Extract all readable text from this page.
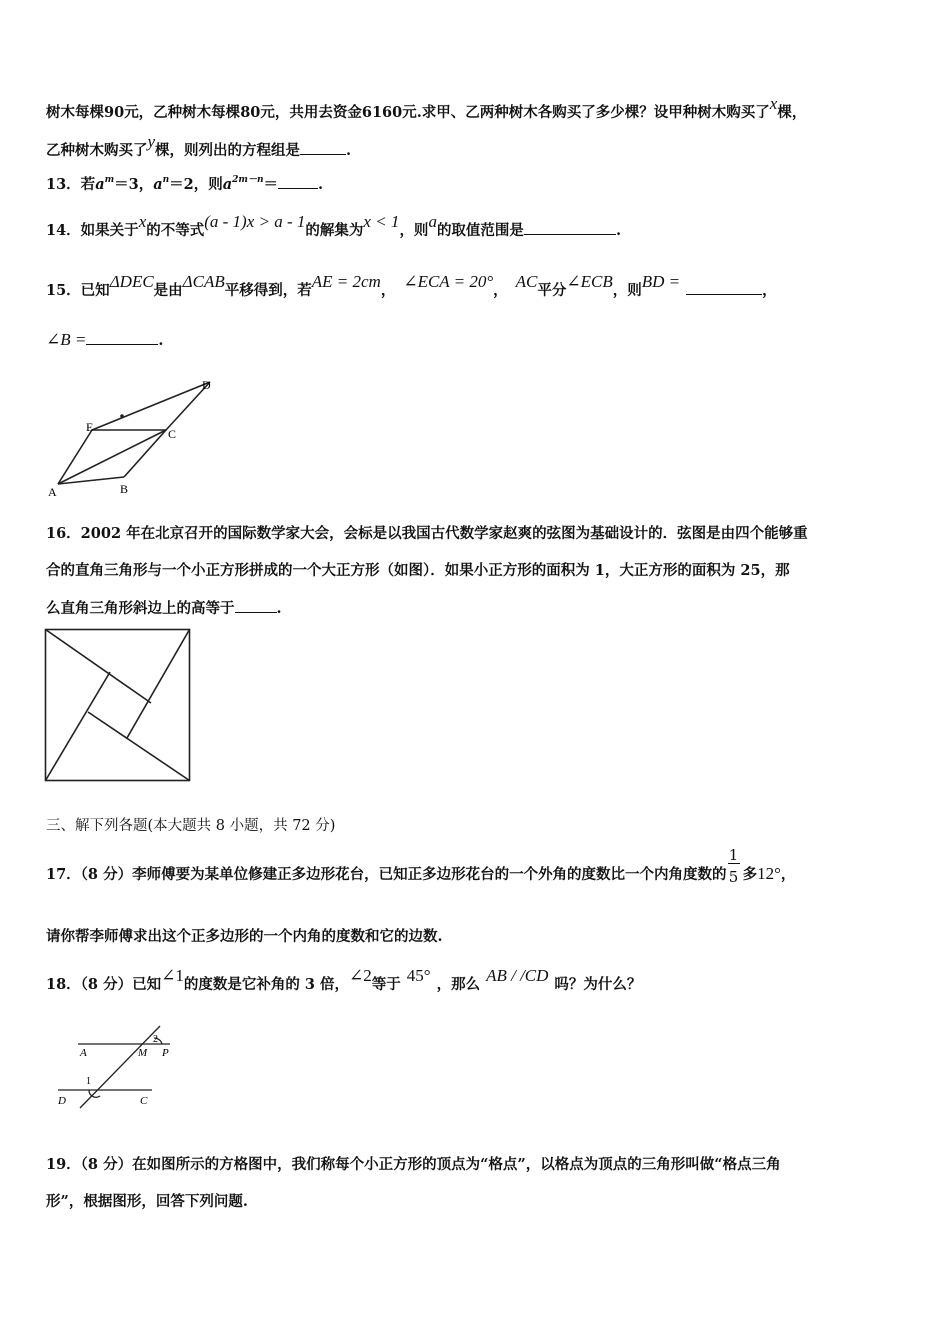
树木每棵90元，乙种树木每棵80元，共用去资金6160元.求甲、乙两种树木各购买了多少棵？设甲种树木购买了x棵，
乙种树木购买了y棵，则列出的方程组是	.
13．若$a^m=3$，$a^n=2$，则$a^{2m-n}=$	.
14．如果关于x的不等式(a - 1)x > a - 1的解集为x < 1，则a的取值范围是	.
15．已知ΔDEC是由ΔCAB平移得到，若AE = 2cm， ∠ECA = 20°， AC平分∠ECB，则BD =	，
∠B =	.
A	B
C
D
E
16．2002 年在北京召开的国际数学家大会，会标是以我国古代数学家赵爽的弦图为基础设计的．弦图是由四个能够重
合的直角三角形与一个小正方形拼成的一个大正方形（如图）．如果小正方形的面积为 1，大正方形的面积为 25，那
么直角三角形斜边上的高等于	.
三、解下列各题(本大题共 8 小题，共 72 分)
17．（8 分）李师傅要为某单位修建正多边形花台，已知正多边形花台的一个外角的度数比一个内角度数的 $\frac{1}{5}$ 多12°，
请你帮李师傅求出这个正多边形的一个内角的度数和它的边数.
18．（8 分）已知∠1的度数是它补角的 3 倍，∠2等于 45° ，那么 AB / /CD 吗？为什么？
A	M P
D	C
1
2
19．（8 分）在如图所示的方格图中，我们称每个小正方形的顶点为“格点”，以格点为顶点的三角形叫做“格点三角
形”，根据图形，回答下列问题.
